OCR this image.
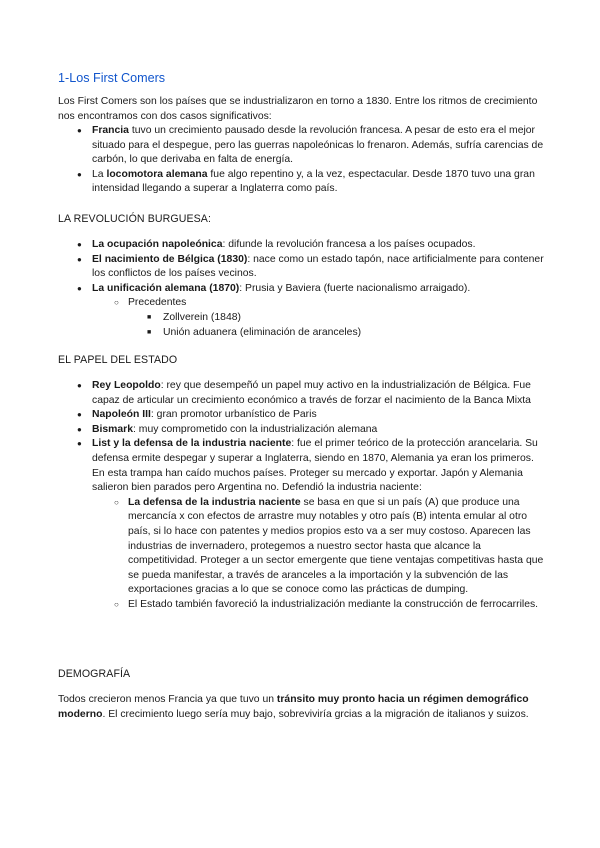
1-Los First Comers

Los First Comers son los países que se industrializaron en torno a 1830. Entre los ritmos de crecimiento nos encontramos con dos casos significativos:

● Francia tuvo un crecimiento pausado desde la revolución francesa. A pesar de esto era el mejor situado para el despegue, pero las guerras napoleónicas lo frenaron. Además, sufría carencias de carbón, lo que derivaba en falta de energía.
● La locomotora alemana fue algo repentino y, a la vez, espectacular. Desde 1870 tuvo una gran intensidad llegando a superar a Inglaterra como país.

LA REVOLUCIÓN BURGUESA:

● La ocupación napoleónica: difunde la revolución francesa a los países ocupados.
● El nacimiento de Bélgica (1830): nace como un estado tapón, nace artificialmente para contener los conflictos de los países vecinos.
● La unificación alemana (1870): Prusia y Baviera (fuerte nacionalismo arraigado).
○ Precedentes
■ Zollverein (1848)
■ Unión aduanera (eliminación de aranceles)

EL PAPEL DEL ESTADO

● Rey Leopoldo: rey que desempeñó un papel muy activo en la industrialización de Bélgica. Fue capaz de articular un crecimiento económico a través de forzar el nacimiento de la Banca Mixta
● Napoleón III: gran promotor urbanístico de Paris
● Bismark: muy comprometido con la industrialización alemana
● List y la defensa de la industria naciente: fue el primer teórico de la protección arancelaria. Su defensa ermite despegar y superar a Inglaterra, siendo en 1870, Alemania ya eran los primeros. En esta trampa han caído muchos países. Proteger su mercado y exportar. Japón y Alemania salieron bien parados pero Argentina no. Defendió la industria naciente:
○ La defensa de la industria naciente se basa en que si un país (A) que produce una mercancía x con efectos de arrastre muy notables y otro país (B) intenta emular al otro país, si lo hace con patentes y medios propios esto va a ser muy costoso. Aparecen las industrias de invernadero, protegemos a nuestro sector hasta que alcance la competitividad. Proteger a un sector emergente que tiene ventajas competitivas hasta que se pueda manifestar, a través de aranceles a la importación y la subvención de las exportaciones gracias a lo que se conoce como las prácticas de dumping.
○ El Estado también favoreció la industrialización mediante la construcción de ferrocarriles.

DEMOGRAFÍA

Todos crecieron menos Francia ya que tuvo un tránsito muy pronto hacia un régimen demográfico moderno. El crecimiento luego sería muy bajo, sobreviviría grcias a la migración de italianos y suizos.
